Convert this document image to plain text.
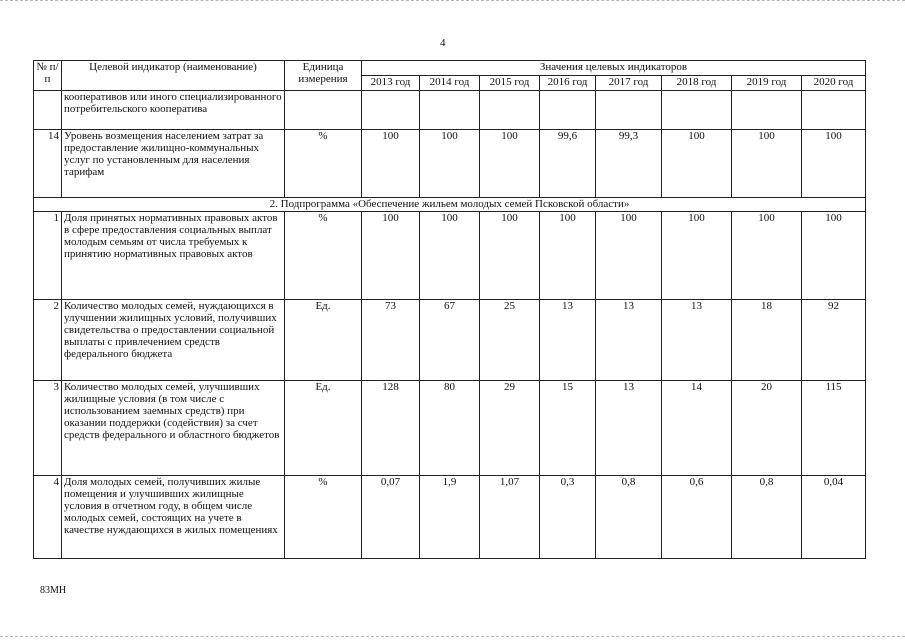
4
№ п/п	Целевой индикатор (наименование)	Единица измерения	Значения целевых индикаторов							
			2013 год	2014 год	2015 год	2016 год	2017 год	2018 год	2019 год	2020 год
	кооперативов или иного специализированного потребительского кооператива									
14	Уровень возмещения населением затрат за предоставление жилищно-коммунальных услуг по установленным для населения тарифам	%	100	100	100	99,6	99,3	100	100	100
2. Подпрограмма «Обеспечение жильем молодых семей Псковской области»										
1	Доля принятых нормативных правовых актов в сфере предоставления социальных выплат молодым семьям от числа требуемых к принятию нормативных правовых актов	%	100	100	100	100	100	100	100	100
2	Количество молодых семей, нуждающихся в улучшении жилищных условий, получивших свидетельства о предоставлении социальной выплаты с привлечением средств федерального бюджета	Ед.	73	67	25	13	13	13	18	92
3	Количество молодых семей, улучшивших жилищные условия (в том числе с использованием заемных средств) при оказании поддержки (содействия) за счет средств федерального и областного бюджетов	Ед.	128	80	29	15	13	14	20	115
4	Доля молодых семей, получивших жилые помещения и улучшивших жилищные условия в отчетном году, в общем числе молодых семей, состоящих на учете в качестве нуждающихся в жилых помещениях	%	0,07	1,9	1,07	0,3	0,8	0,6	0,8	0,04
83МН
